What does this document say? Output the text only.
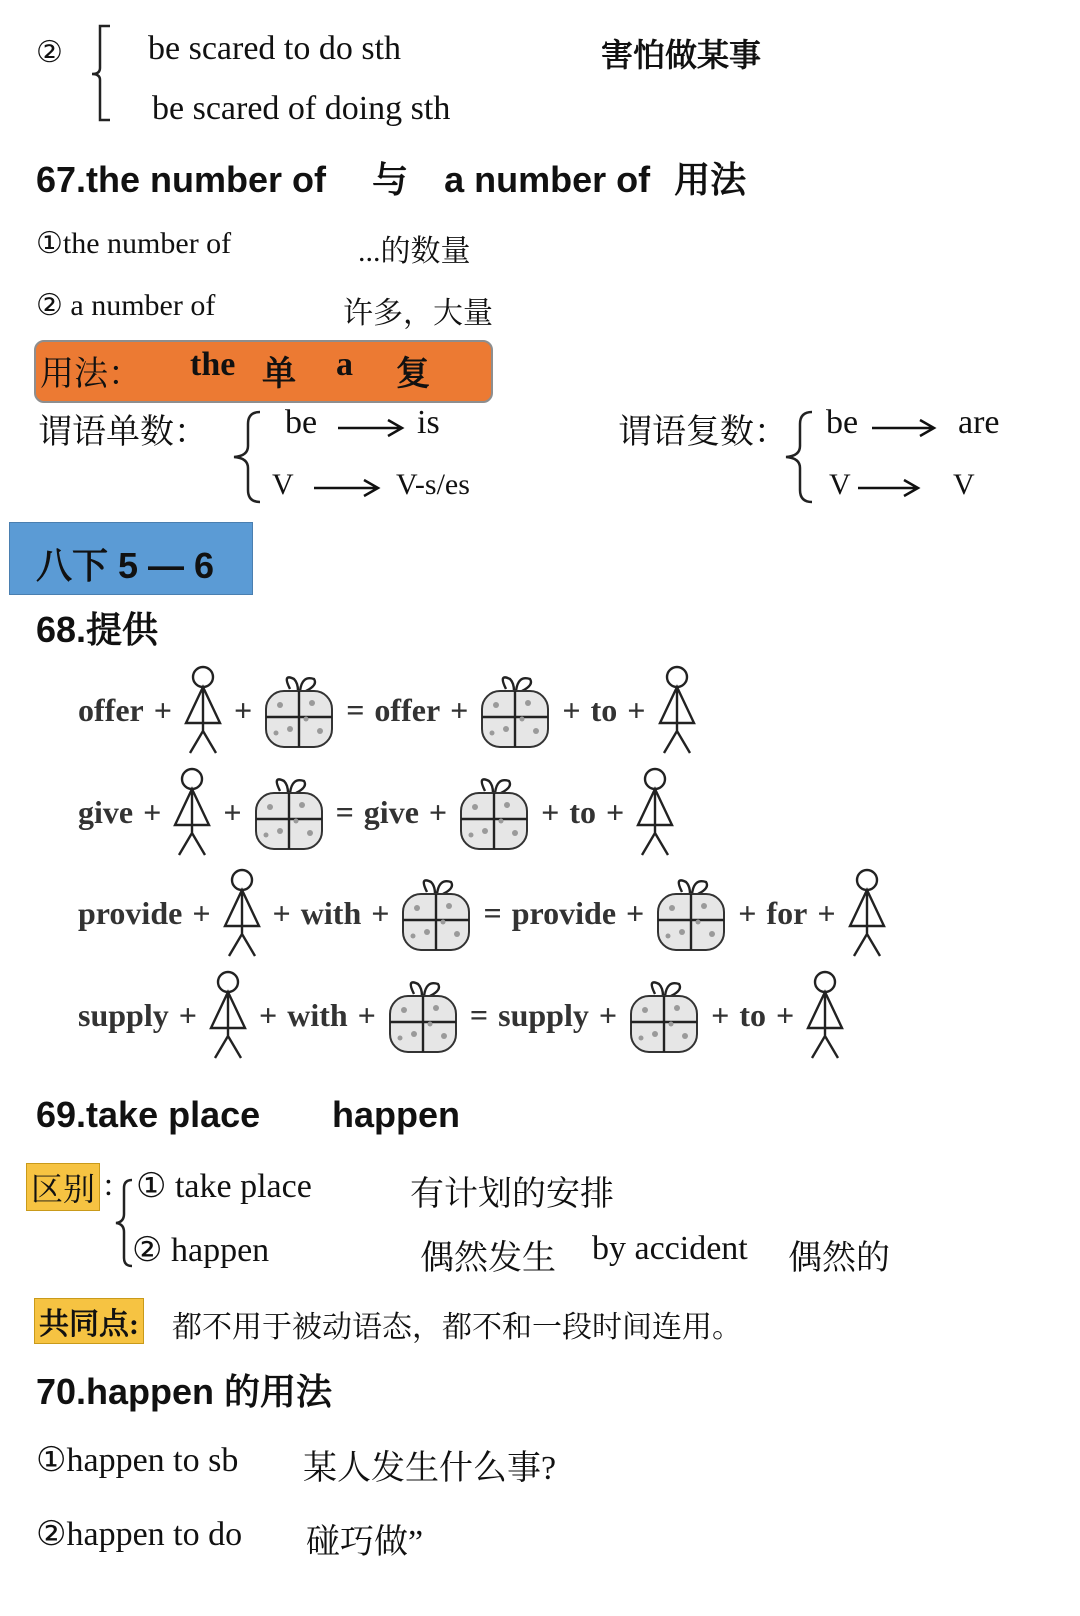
②	be scared to do sth
be scared of doing sth
害怕做某事
67.the number of 与 a number of 用法
①the number of	...的数量
② a number of	许多，大量
用法： the 单 a 复
谓语单数： be	is
V	V-s/es
谓语复数： be	are
V	V
八下 5 — 6
68.提供
offer + +	= offer +	+ to +
give + +	= give +	+ to +
provide + + with +	= provide +	+ for +
supply + + with +	= supply +	+ to +
69.take place happen
区别 : ① take place	有计划的安排
② happen	偶然发生 by accident 偶然的
共同点: 都不用于被动语态，都不和一段时间连用。
70.happen 的用法
①happen to sb 某人发生什么事?
②happen to do 碰巧做”
